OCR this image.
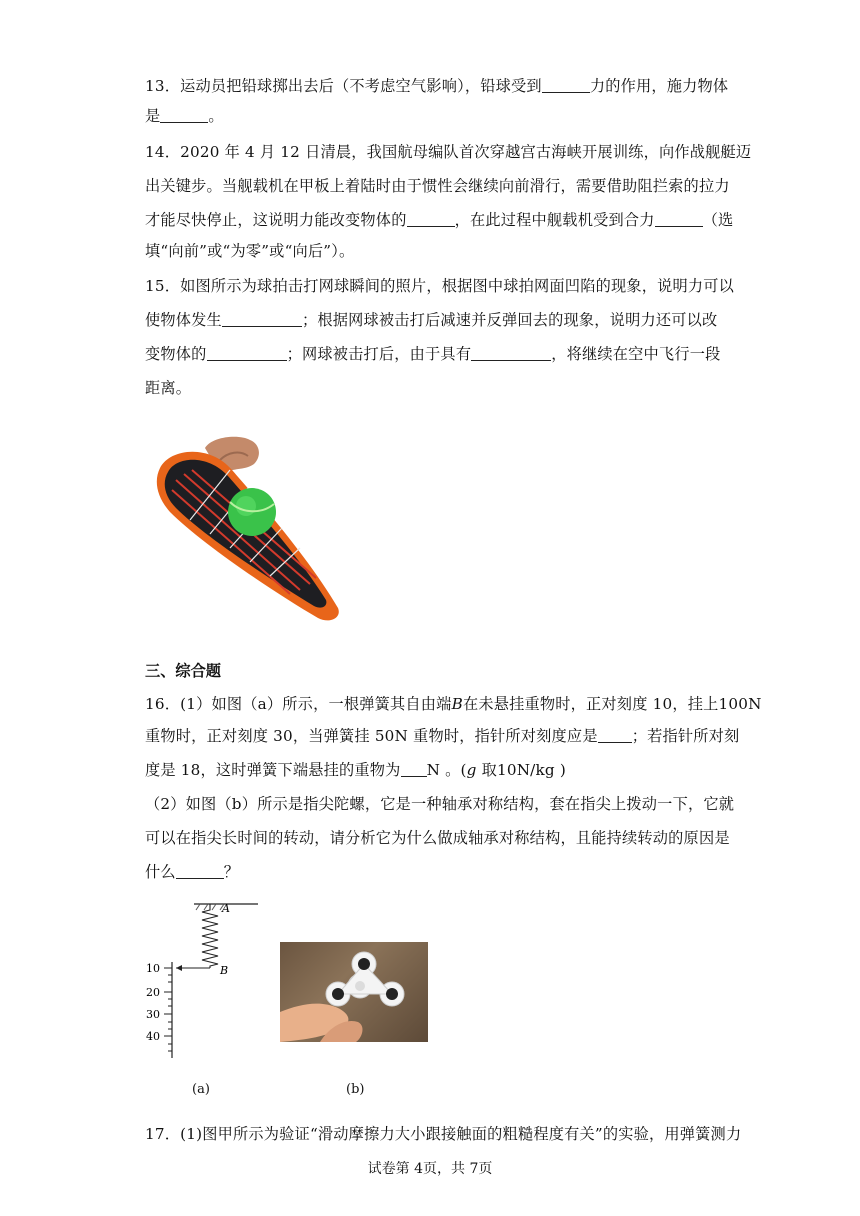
13．运动员把铅球掷出去后（不考虑空气影响），铅球受到	力的作用，施力物体
是	。
14．2020 年 4 月 12 日清晨，我国航母编队首次穿越宫古海峡开展训练，向作战舰艇迈
出关键步。当舰载机在甲板上着陆时由于惯性会继续向前滑行，需要借助阻拦索的拉力
才能尽快停止，这说明力能改变物体的	，在此过程中舰载机受到合力	（选
填“向前”或“为零”或“向后”）。
15．如图所示为球拍击打网球瞬间的照片，根据图中球拍网面凹陷的现象，说明力可以
使物体发生	；根据网球被击打后减速并反弹回去的现象，说明力还可以改
变物体的	；网球被击打后，由于具有	，将继续在空中飞行一段
距离。
三、综合题
16．(1）如图（a）所示，一根弹簧其自由端B在未悬挂重物时，正对刻度 10，挂上100N
重物时，正对刻度 30，当弹簧挂 50N 重物时，指针所对刻度应是 ；若指针所对刻
度是 18，这时弹簧下端悬挂的重物为 N 。(g 取10N/kg )
（2）如图（b）所示是指尖陀螺，它是一种轴承对称结构，套在指尖上拨动一下，它就
可以在指尖长时间的转动，请分析它为什么做成轴承对称结构，且能持续转动的原因是
什么	？
A
B
10
20
30
40
(a)	(b)
17．(1)图甲所示为验证“滑动摩擦力大小跟接触面的粗糙程度有关”的实验，用弹簧测力
试卷第 4页，共 7页
